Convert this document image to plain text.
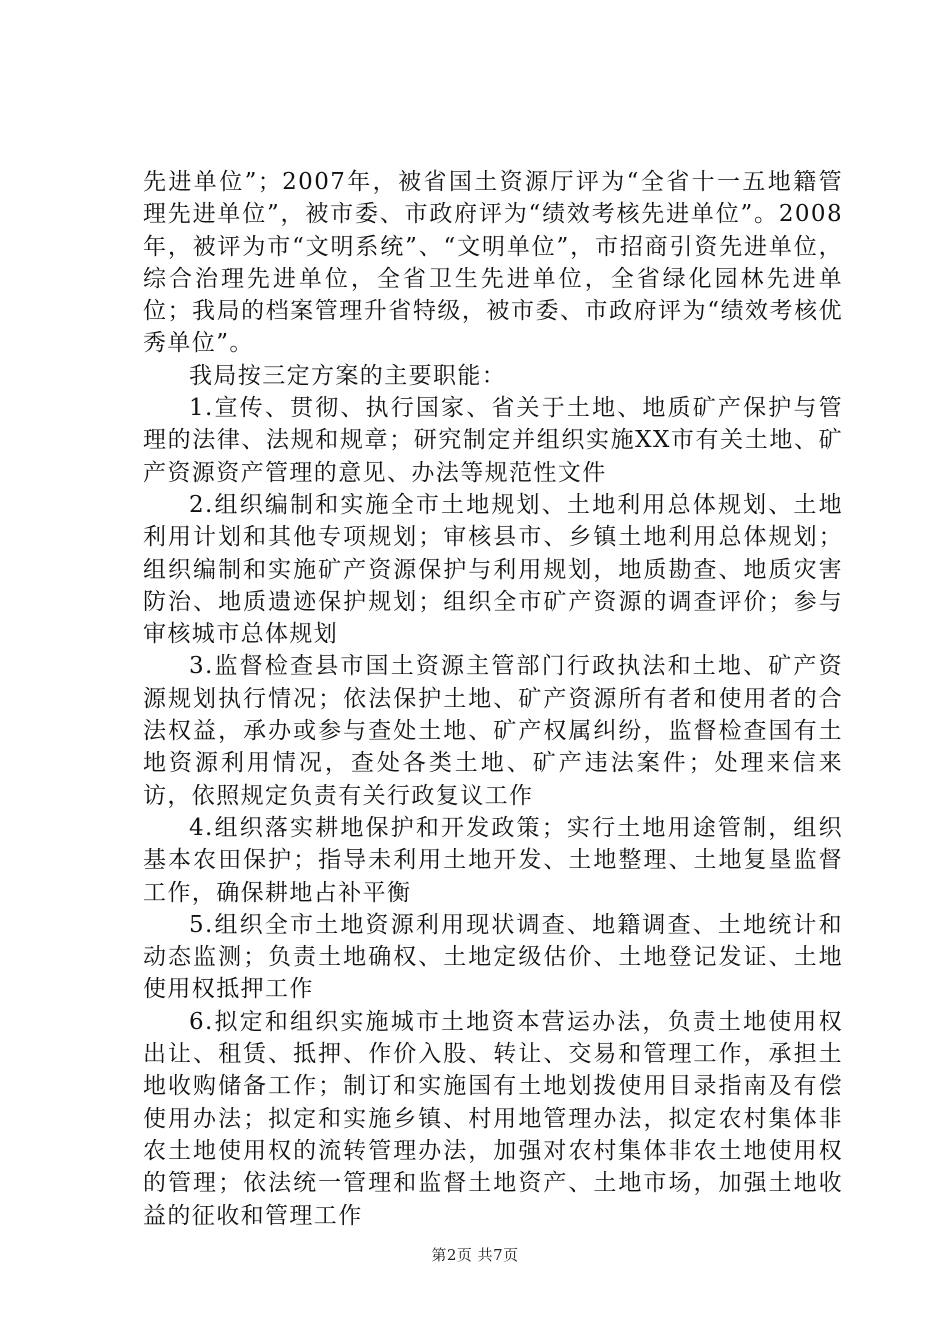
先进单位”；2007年，被省国土资源厅评为“全省十一五地籍管理先进单位”，被市委、市政府评为“绩效考核先进单位”。2008年，被评为市“文明系统”、“文明单位”，市招商引资先进单位，综合治理先进单位，全省卫生先进单位，全省绿化园林先进单位；我局的档案管理升省特级，被市委、市政府评为“绩效考核优秀单位”。

我局按三定方案的主要职能：

1.宣传、贯彻、执行国家、省关于土地、地质矿产保护与管理的法律、法规和规章；研究制定并组织实施XX市有关土地、矿产资源资产管理的意见、办法等规范性文件

2.组织编制和实施全市土地规划、土地利用总体规划、土地利用计划和其他专项规划；审核县市、乡镇土地利用总体规划；组织编制和实施矿产资源保护与利用规划，地质勘查、地质灾害防治、地质遗迹保护规划；组织全市矿产资源的调查评价；参与审核城市总体规划

3.监督检查县市国土资源主管部门行政执法和土地、矿产资源规划执行情况；依法保护土地、矿产资源所有者和使用者的合法权益，承办或参与查处土地、矿产权属纠纷，监督检查国有土地资源利用情况，查处各类土地、矿产违法案件；处理来信来访，依照规定负责有关行政复议工作

4.组织落实耕地保护和开发政策；实行土地用途管制，组织基本农田保护；指导未利用土地开发、土地整理、土地复垦监督工作，确保耕地占补平衡

5.组织全市土地资源利用现状调查、地籍调查、土地统计和动态监测；负责土地确权、土地定级估价、土地登记发证、土地使用权抵押工作

6.拟定和组织实施城市土地资本营运办法，负责土地使用权出让、租赁、抵押、作价入股、转让、交易和管理工作，承担土地收购储备工作；制订和实施国有土地划拨使用目录指南及有偿使用办法；拟定和实施乡镇、村用地管理办法，拟定农村集体非农土地使用权的流转管理办法，加强对农村集体非农土地使用权的管理；依法统一管理和监督土地资产、土地市场，加强土地收益的征收和管理工作

第2页 共7页
